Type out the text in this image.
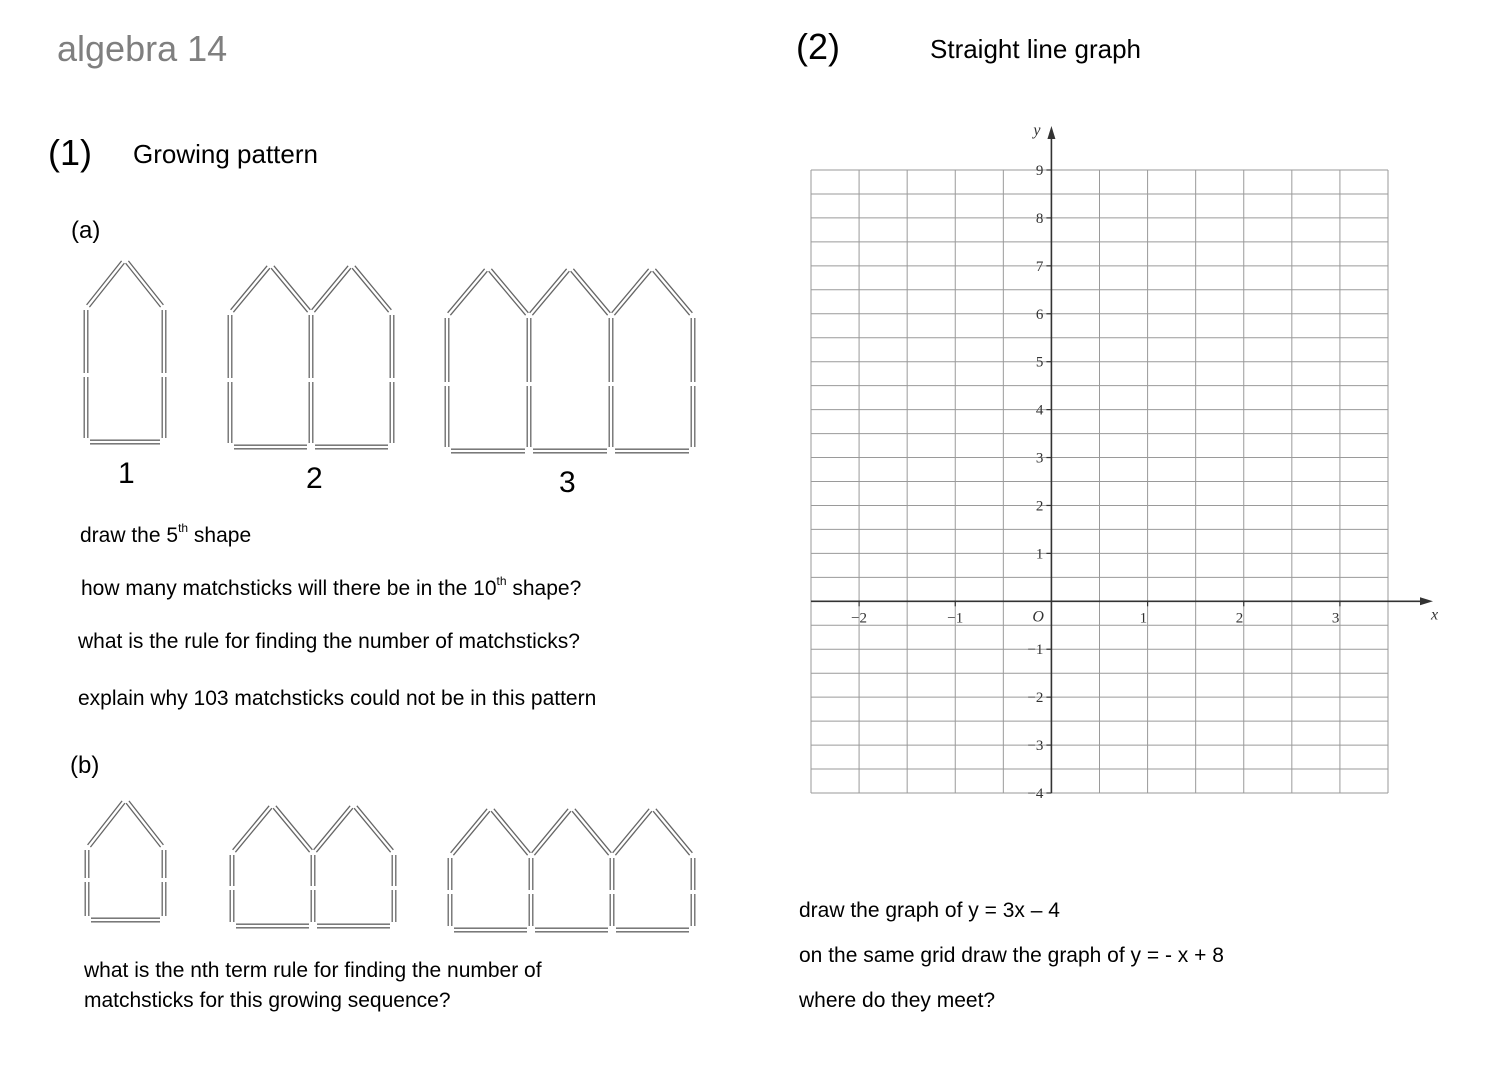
algebra 14
(1) Growing pattern
(a)
1	2	3
draw the 5th shape
how many matchsticks will there be in the 10th shape?
what is the rule for finding the number of matchsticks?
explain why 103 matchsticks could not be in this pattern
(b)
what is the nth term rule for finding the number of
matchsticks for this growing sequence?
(2)	Straight line graph
draw the graph of y = 3x – 4
on the same grid draw the graph of y = - x + 8
where do they meet?
−2	−1	1	2	3
−4
−3
−2
−1
1
2
3
4
5
6
7
8
9
O	x
y
